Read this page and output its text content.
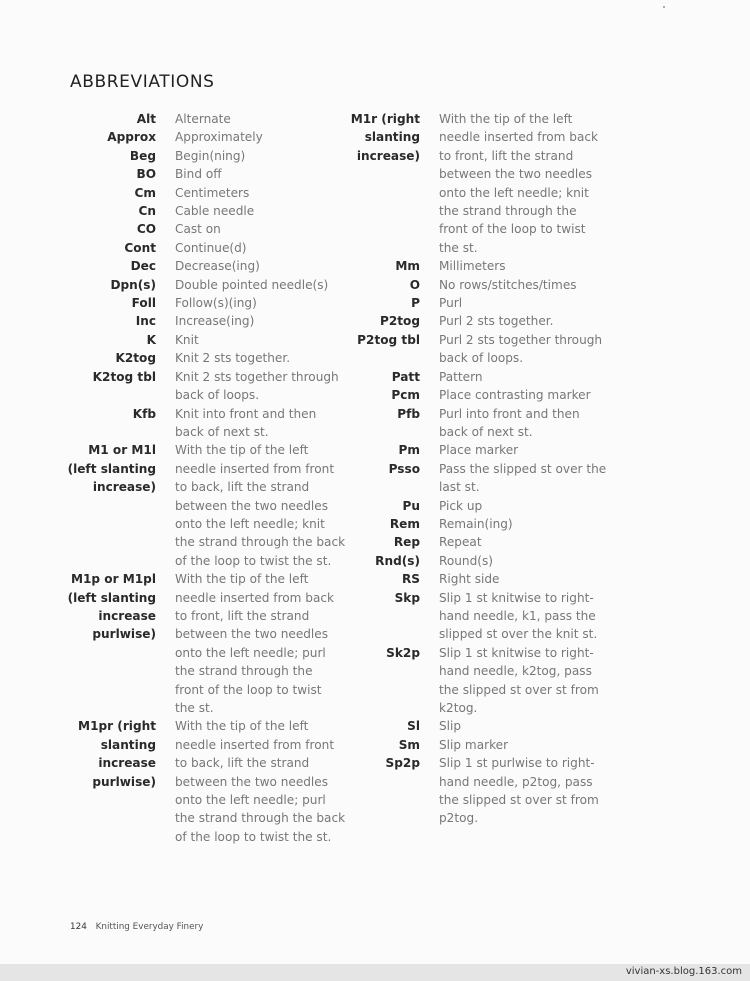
ABBREVIATIONS
Alt Alternate
Approx Approximately
Beg Begin(ning)
BO Bind off
Cm Centimeters
Cn Cable needle
CO Cast on
Cont Continue(d)
Dec Decrease(ing)
Dpn(s) Double pointed needle(s)
Foll Follow(s)(ing)
Inc Increase(ing)
K Knit
K2tog Knit 2 sts together.
K2tog tbl Knit 2 sts together through
back of loops.
Kfb Knit into front and then
back of next st.
M1 or M1l
(left slanting
increase)
With the tip of the left
needle inserted from front
to back, lift the strand
between the two needles
onto the left needle; knit
the strand through the back
of the loop to twist the st.
M1p or M1pl
(left slanting
increase
purlwise)
With the tip of the left
needle inserted from back
to front, lift the strand
between the two needles
onto the left needle; purl
the strand through the
front of the loop to twist
the st.
M1pr (right
slanting
increase
purlwise)
With the tip of the left
needle inserted from front
to back, lift the strand
between the two needles
onto the left needle; purl
the strand through the back
of the loop to twist the st.
M1r (right
slanting
increase)
With the tip of the left
needle inserted from back
to front, lift the strand
between the two needles
onto the left needle; knit
the strand through the
front of the loop to twist
the st.
Mm Millimeters
O No rows/stitches/times
P Purl
P2tog Purl 2 sts together.
P2tog tbl Purl 2 sts together through
back of loops.
Patt Pattern
Pcm Place contrasting marker
Pfb Purl into front and then
back of next st.
Pm Place marker
Psso Pass the slipped st over the
last st.
Pu Pick up
Rem Remain(ing)
Rep Repeat
Rnd(s) Round(s)
RS Right side
Skp Slip 1 st knitwise to right-
hand needle, k1, pass the
slipped st over the knit st.
Sk2p Slip 1 st knitwise to right-
hand needle, k2tog, pass
the slipped st over st from
k2tog.
Sl Slip
Sm Slip marker
Sp2p Slip 1 st purlwise to right-
hand needle, p2tog, pass
the slipped st over st from
p2tog.
124 Knitting Everyday Finery
vivian-xs.blog.163.com
